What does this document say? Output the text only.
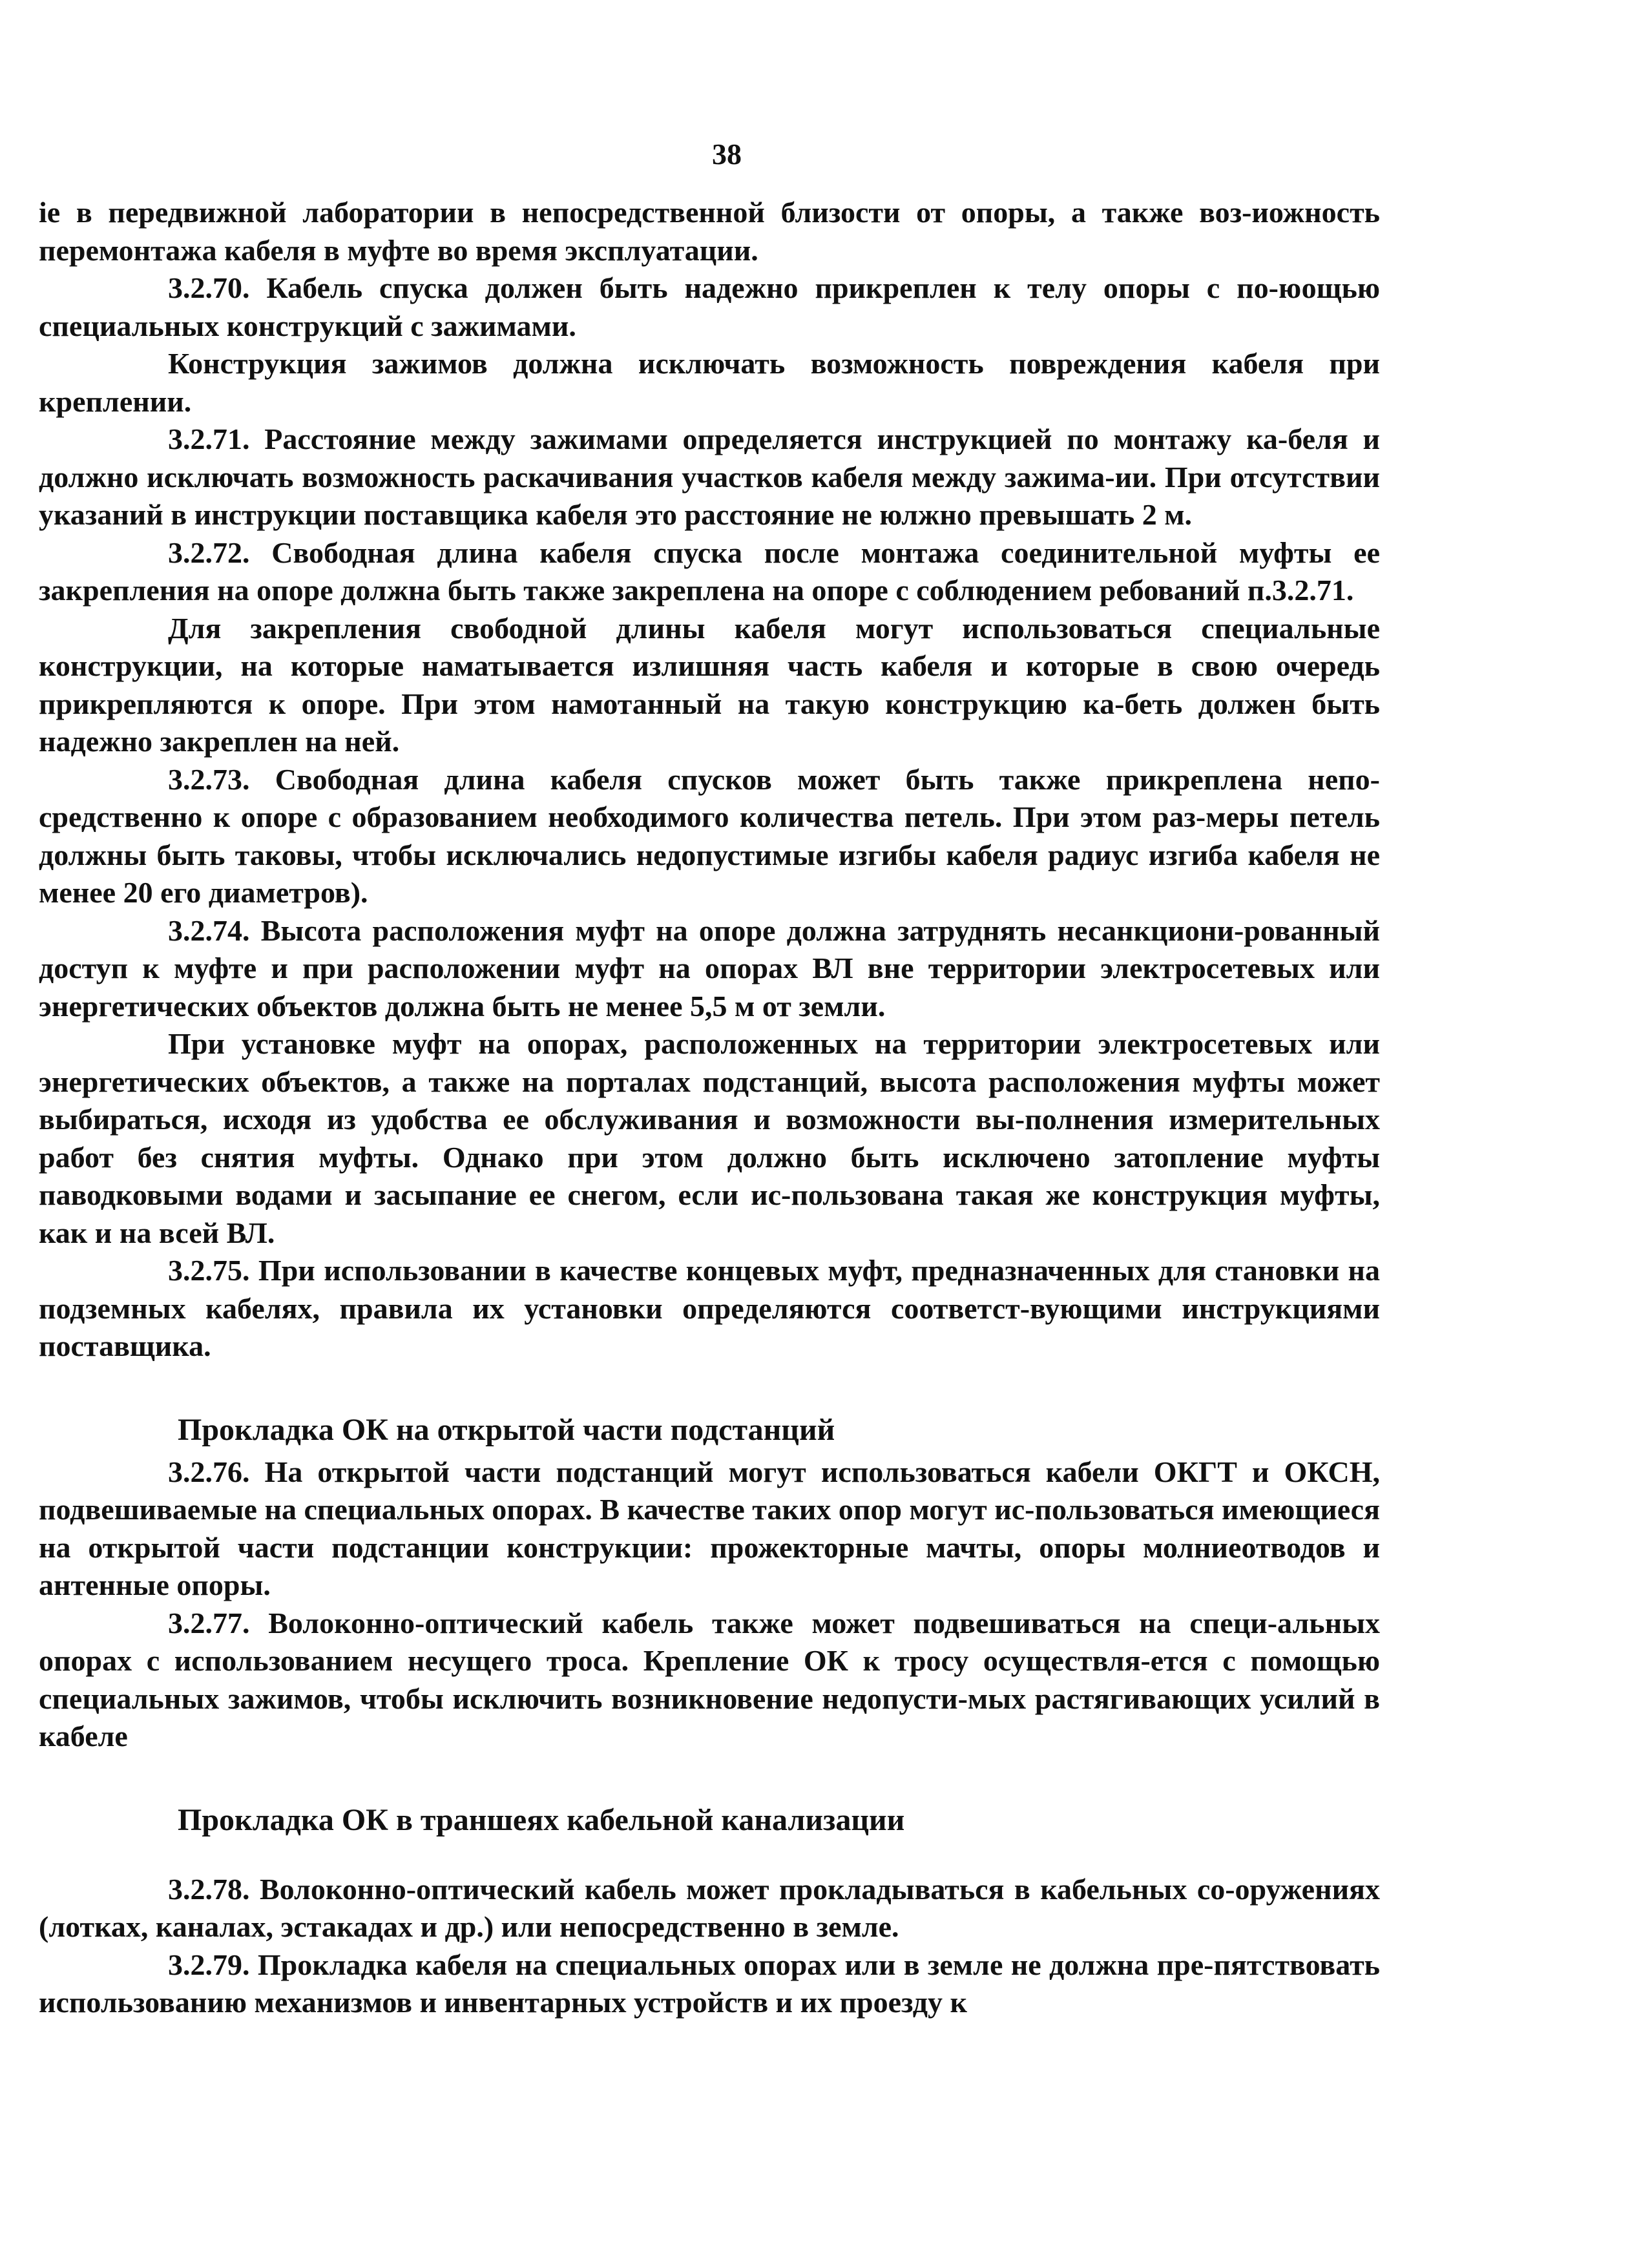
38

ie в передвижной лаборатории в непосредственной близости от опоры, а также воз-иожность перемонтажа кабеля в муфте во время эксплуатации.

3.2.70. Кабель спуска должен быть надежно прикреплен к телу опоры с по-юощью специальных конструкций с зажимами.

Конструкция зажимов должна исключать возможность повреждения кабеля при креплении.

3.2.71. Расстояние между зажимами определяется инструкцией по монтажу ка-беля и должно исключать возможность раскачивания участков кабеля между зажима-ии. При отсутствии указаний в инструкции поставщика кабеля это расстояние не юлжно превышать 2 м.

3.2.72. Свободная длина кабеля спуска после монтажа соединительной муфты ее закрепления на опоре должна быть также закреплена на опоре с соблюдением ребований п.3.2.71.

Для закрепления свободной длины кабеля могут использоваться специальные конструкции, на которые наматывается излишняя часть кабеля и которые в свою очередь прикрепляются к опоре. При этом намотанный на такую конструкцию ка-беть должен быть надежно закреплен на ней.

3.2.73. Свободная длина кабеля спусков может быть также прикреплена непо-средственно к опоре с образованием необходимого количества петель. При этом раз-меры петель должны быть таковы, чтобы исключались недопустимые изгибы кабеля радиус изгиба кабеля не менее 20 его диаметров).

3.2.74. Высота расположения муфт на опоре должна затруднять несанкциони-рованный доступ к муфте и при расположении муфт на опорах ВЛ вне территории электросетевых или энергетических объектов должна быть не менее 5,5 м от земли.

При установке муфт на опорах, расположенных на территории электросетевых или энергетических объектов, а также на порталах подстанций, высота расположения муфты может выбираться, исходя из удобства ее обслуживания и возможности вы-полнения измерительных работ без снятия муфты. Однако при этом должно быть исключено затопление муфты паводковыми водами и засыпание ее снегом, если ис-пользована такая же конструкция муфты, как и на всей ВЛ.

3.2.75. При использовании в качестве концевых муфт, предназначенных для становки на подземных кабелях, правила их установки определяются соответст-вующими инструкциями поставщика.

Прокладка ОК на открытой части подстанций

3.2.76. На открытой части подстанций могут использоваться кабели ОКГТ и ОКСН, подвешиваемые на специальных опорах. В качестве таких опор могут ис-пользоваться имеющиеся на открытой части подстанции конструкции: прожекторные мачты, опоры молниеотводов и антенные опоры.

3.2.77. Волоконно-оптический кабель также может подвешиваться на специ-альных опорах с использованием несущего троса. Крепление ОК к тросу осуществля-ется с помощью специальных зажимов, чтобы исключить возникновение недопусти-мых растягивающих усилий в кабеле

Прокладка ОК в траншеях кабельной канализации

3.2.78. Волоконно-оптический кабель может прокладываться в кабельных со-оружениях (лотках, каналах, эстакадах и др.) или непосредственно в земле.

3.2.79. Прокладка кабеля на специальных опорах или в земле не должна пре-пятствовать использованию механизмов и инвентарных устройств и их проезду к
